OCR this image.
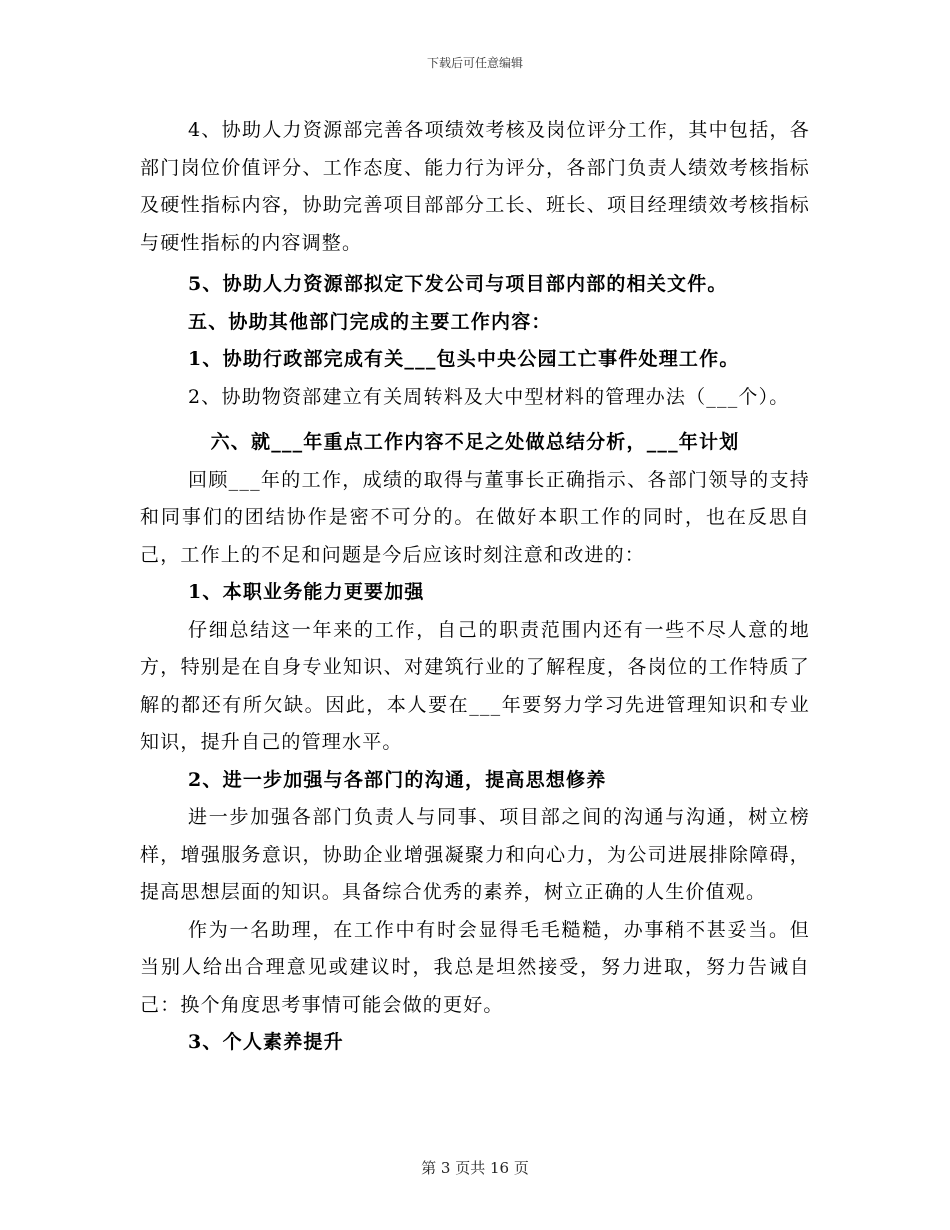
下载后可任意编辑

4、协助人力资源部完善各项绩效考核及岗位评分工作，其中包括，各部门岗位价值评分、工作态度、能力行为评分，各部门负责人绩效考核指标及硬性指标内容，协助完善项目部部分工长、班长、项目经理绩效考核指标与硬性指标的内容调整。

5、协助人力资源部拟定下发公司与项目部内部的相关文件。

五、协助其他部门完成的主要工作内容：

1、协助行政部完成有关___包头中央公园工亡事件处理工作。

2、协助物资部建立有关周转料及大中型材料的管理办法（___个）。

六、就___年重点工作内容不足之处做总结分析，___年计划

回顾___年的工作，成绩的取得与董事长正确指示、各部门领导的支持和同事们的团结协作是密不可分的。在做好本职工作的同时，也在反思自己，工作上的不足和问题是今后应该时刻注意和改进的：

1、本职业务能力更要加强

仔细总结这一年来的工作，自己的职责范围内还有一些不尽人意的地方，特别是在自身专业知识、对建筑行业的了解程度，各岗位的工作特质了解的都还有所欠缺。因此，本人要在___年要努力学习先进管理知识和专业知识，提升自己的管理水平。

2、进一步加强与各部门的沟通，提高思想修养

进一步加强各部门负责人与同事、项目部之间的沟通与沟通，树立榜样，增强服务意识，协助企业增强凝聚力和向心力，为公司进展排除障碍，提高思想层面的知识。具备综合优秀的素养，树立正确的人生价值观。

作为一名助理，在工作中有时会显得毛毛糙糙，办事稍不甚妥当。但当别人给出合理意见或建议时，我总是坦然接受，努力进取，努力告诫自己：换个角度思考事情可能会做的更好。

3、个人素养提升

第 3 页共 16 页
